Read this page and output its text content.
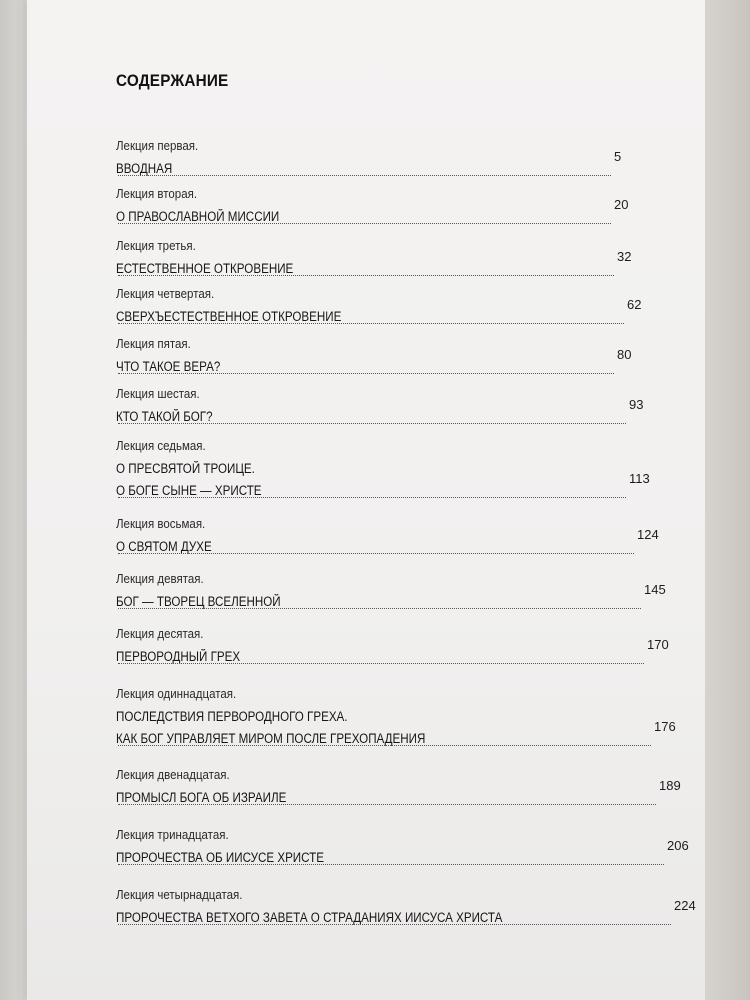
СОДЕРЖАНИЕ
Лекция первая.
ВВОДНАЯ
5
Лекция вторая.
О ПРАВОСЛАВНОЙ МИССИИ
20
Лекция третья.
ЕСТЕСТВЕННОЕ ОТКРОВЕНИЕ
32
Лекция четвертая.
СВЕРХЪЕСТЕСТВЕННОЕ ОТКРОВЕНИЕ
62
Лекция пятая.
ЧТО ТАКОЕ ВЕРА?
80
Лекция шестая.
КТО ТАКОЙ БОГ?
93
Лекция седьмая.
О ПРЕСВЯТОЙ ТРОИЦЕ.
О БОГЕ СЫНЕ — ХРИСТЕ
113
Лекция восьмая.
О СВЯТОМ ДУХЕ
124
Лекция девятая.
БОГ — ТВОРЕЦ ВСЕЛЕННОЙ
145
Лекция десятая.
ПЕРВОРОДНЫЙ ГРЕХ
170
Лекция одиннадцатая.
ПОСЛЕДСТВИЯ ПЕРВОРОДНОГО ГРЕХА.
КАК БОГ УПРАВЛЯЕТ МИРОМ ПОСЛЕ ГРЕХОПАДЕНИЯ
176
Лекция двенадцатая.
ПРОМЫСЛ БОГА ОБ ИЗРАИЛЕ
189
Лекция тринадцатая.
ПРОРОЧЕСТВА ОБ ИИСУСЕ ХРИСТЕ
206
Лекция четырнадцатая.
ПРОРОЧЕСТВА ВЕТХОГО ЗАВЕТА О СТРАДАНИЯХ ИИСУСА ХРИСТА
224
